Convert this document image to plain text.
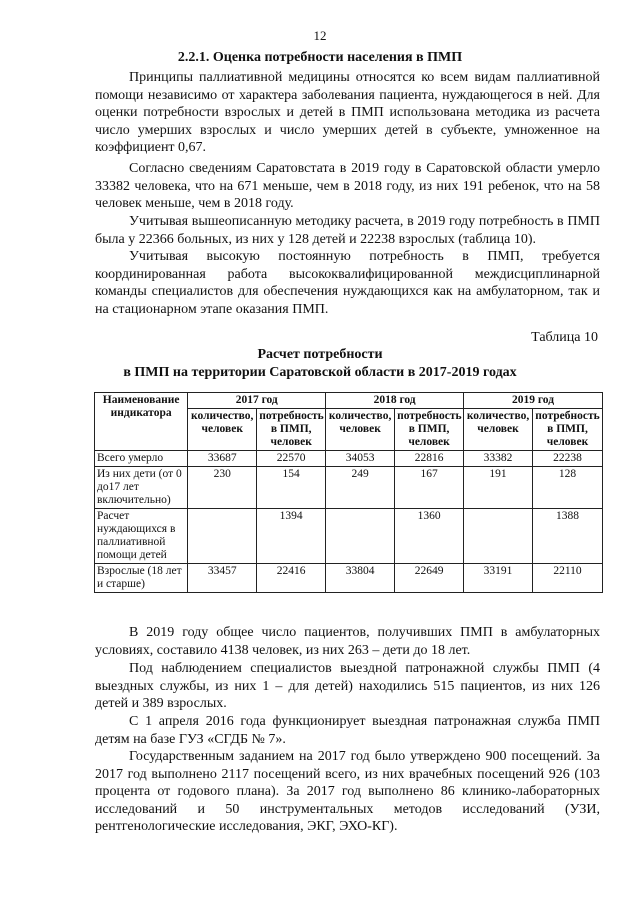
12
2.2.1. Оценка потребности населения в ПМП

Принципы паллиативной медицины относятся ко всем видам паллиативной помощи независимо от характера заболевания пациента, нуждающегося в ней. Для оценки потребности взрослых и детей в ПМП использована методика из расчета число умерших взрослых и число умерших детей в субъекте, умноженное на коэффициент 0,67.

Согласно сведениям Саратовстата в 2019 году в Саратовской области умерло 33382 человека, что на 671 меньше, чем в 2018 году, из них 191 ребенок, что на 58 человек меньше, чем в 2018 году.

Учитывая вышеописанную методику расчета, в 2019 году потребность в ПМП была у 22366 больных, из них у 128 детей и 22238 взрослых (таблица 10).

Учитывая высокую постоянную потребность в ПМП, требуется координированная работа высококвалифицированной междисциплинарной команды специалистов для обеспечения нуждающихся как на амбулаторном, так и на стационарном этапе оказания ПМП.

Таблица 10
Расчет потребности
в ПМП на территории Саратовской области в 2017-2019 годах
Наименование индикатора	2017 год		2018 год		2019 год	
	количество, человек	потребность в ПМП, человек	количество, человек	потребность в ПМП, человек	количество, человек	потребность в ПМП, человек
Всего умерло	33687	22570	34053	22816	33382	22238
Из них дети (от 0 до17 лет включительно)	230	154	249	167	191	128
Расчет нуждающихся в паллиативной помощи детей		1394		1360		1388
Взрослые (18 лет и старше)	33457	22416	33804	22649	33191	22110

В 2019 году общее число пациентов, получивших ПМП в амбулаторных условиях, составило 4138 человек, из них 263 – дети до 18 лет.

Под наблюдением специалистов выездной патронажной службы ПМП (4 выездных службы, из них 1 – для детей) находились 515 пациентов, из них 126 детей и 389 взрослых.

С 1 апреля 2016 года функционирует выездная патронажная служба ПМП детям на базе ГУЗ «СГДБ № 7».

Государственным заданием на 2017 год было утверждено 900 посещений. За 2017 год выполнено 2117 посещений всего, из них врачебных посещений 926 (103 процента от годового плана). За 2017 год выполнено 86 клинико-лабораторных исследований и 50 инструментальных методов исследований (УЗИ, рентгенологические исследования, ЭКГ, ЭХО-КГ).
